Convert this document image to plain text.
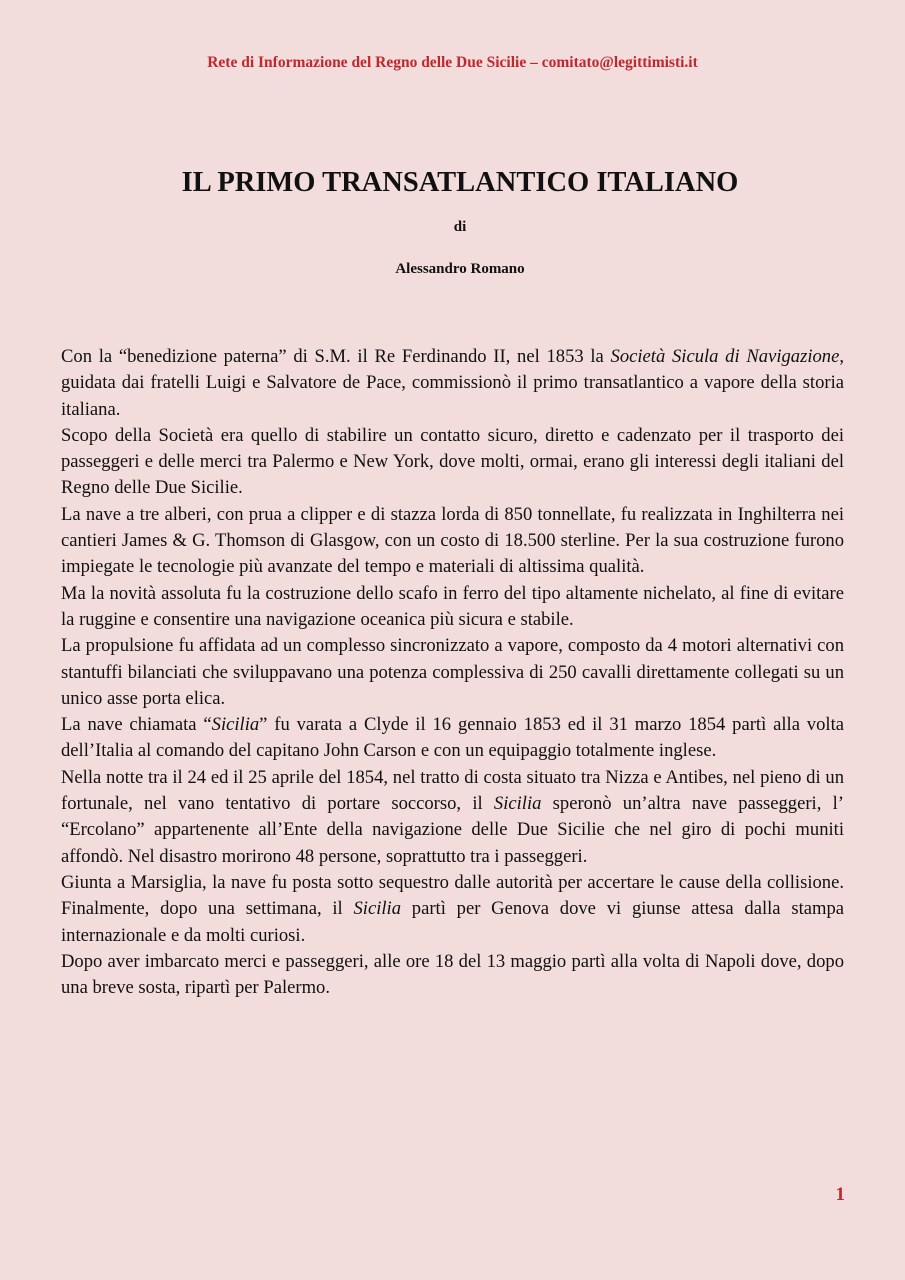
Rete di Informazione del Regno delle Due Sicilie – comitato@legittimisti.it
IL PRIMO TRANSATLANTICO ITALIANO
di
Alessandro Romano

Con la “benedizione paterna” di S.M. il Re Ferdinando II, nel 1853 la Società Sicula di Navigazione, guidata dai fratelli Luigi e Salvatore de Pace, commissionò il primo transatlantico a vapore della storia italiana.

Scopo della Società era quello di stabilire un contatto sicuro, diretto e cadenzato per il trasporto dei passeggeri e delle merci tra Palermo e New York, dove molti, ormai, erano gli interessi degli italiani del Regno delle Due Sicilie.

La nave a tre alberi, con prua a clipper e di stazza lorda di 850 tonnellate, fu realizzata in Inghilterra nei cantieri James & G. Thomson di Glasgow, con un costo di 18.500 sterline. Per la sua costruzione furono impiegate le tecnologie più avanzate del tempo e materiali di altissima qualità.

Ma la novità assoluta fu la costruzione dello scafo in ferro del tipo altamente nichelato, al fine di evitare la ruggine e consentire una navigazione oceanica più sicura e stabile.

La propulsione fu affidata ad un complesso sincronizzato a vapore, composto da 4 motori alternativi con stantuffi bilanciati che sviluppavano una potenza complessiva di 250 cavalli direttamente collegati su un unico asse porta elica.

La nave chiamata “Sicilia” fu varata a Clyde il 16 gennaio 1853 ed il 31 marzo 1854 partì alla volta dell’Italia al comando del capitano John Carson e con un equipaggio totalmente inglese.

Nella notte tra il 24 ed il 25 aprile del 1854, nel tratto di costa situato tra Nizza e Antibes, nel pieno di un fortunale, nel vano tentativo di portare soccorso, il Sicilia speronò un’altra nave passeggeri, l’ “Ercolano” appartenente all’Ente della navigazione delle Due Sicilie che nel giro di pochi muniti affondò. Nel disastro morirono 48 persone, soprattutto tra i passeggeri.

Giunta a Marsiglia, la nave fu posta sotto sequestro dalle autorità per accertare le cause della collisione. Finalmente, dopo una settimana, il Sicilia partì per Genova dove vi giunse attesa dalla stampa internazionale e da molti curiosi.

Dopo aver imbarcato merci e passeggeri, alle ore 18 del 13 maggio partì alla volta di Napoli dove, dopo una breve sosta, ripartì per Palermo.

1
